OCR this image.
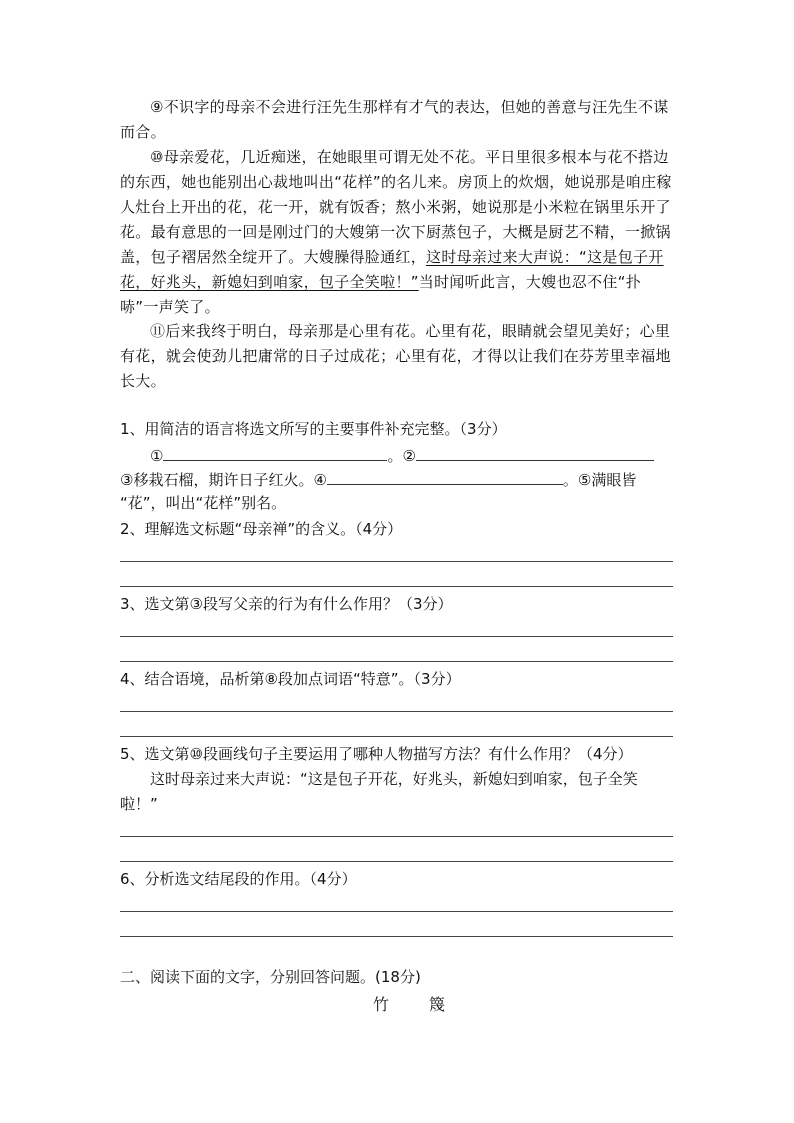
⑨不识字的母亲不会进行汪先生那样有才气的表达，但她的善意与汪先生不谋而合。
⑩母亲爱花，几近痴迷，在她眼里可谓无处不花。平日里很多根本与花不搭边的东西，她也能别出心裁地叫出“花样”的名儿来。房顶上的炊烟，她说那是咱庄稼人灶台上开出的花，花一开，就有饭香；熬小米粥，她说那是小米粒在锅里乐开了花。最有意思的一回是刚过门的大嫂第一次下厨蒸包子，大概是厨艺不精，一掀锅盖，包子褶居然全绽开了。大嫂臊得脸通红，这时母亲过来大声说：“这是包子开花，好兆头，新媳妇到咱家，包子全笑啦！”当时闻听此言，大嫂也忍不住“扑哧”一声笑了。
⑪后来我终于明白，母亲那是心里有花。心里有花，眼睛就会望见美好；心里有花，就会使劲儿把庸常的日子过成花；心里有花，才得以让我们在芬芳里幸福地长大。
1、用简洁的语言将选文所写的主要事件补充完整。（3分）
①	。②
③移栽石榴，期许日子红火。④	。⑤满眼皆
“花”，叫出“花样”别名。
2、理解选文标题“母亲禅”的含义。（4分）
3、选文第③段写父亲的行为有什么作用？（3分）
4、结合语境，品析第⑧段加点词语“特意”。（3分）
5、选文第⑩段画线句子主要运用了哪种人物描写方法？有什么作用？（4分）
这时母亲过来大声说：“这是包子开花，好兆头，新媳妇到咱家，包子全笑
啦！”
6、分析选文结尾段的作用。（4分）
二、阅读下面的文字，分别回答问题。(18分)
竹　篾
